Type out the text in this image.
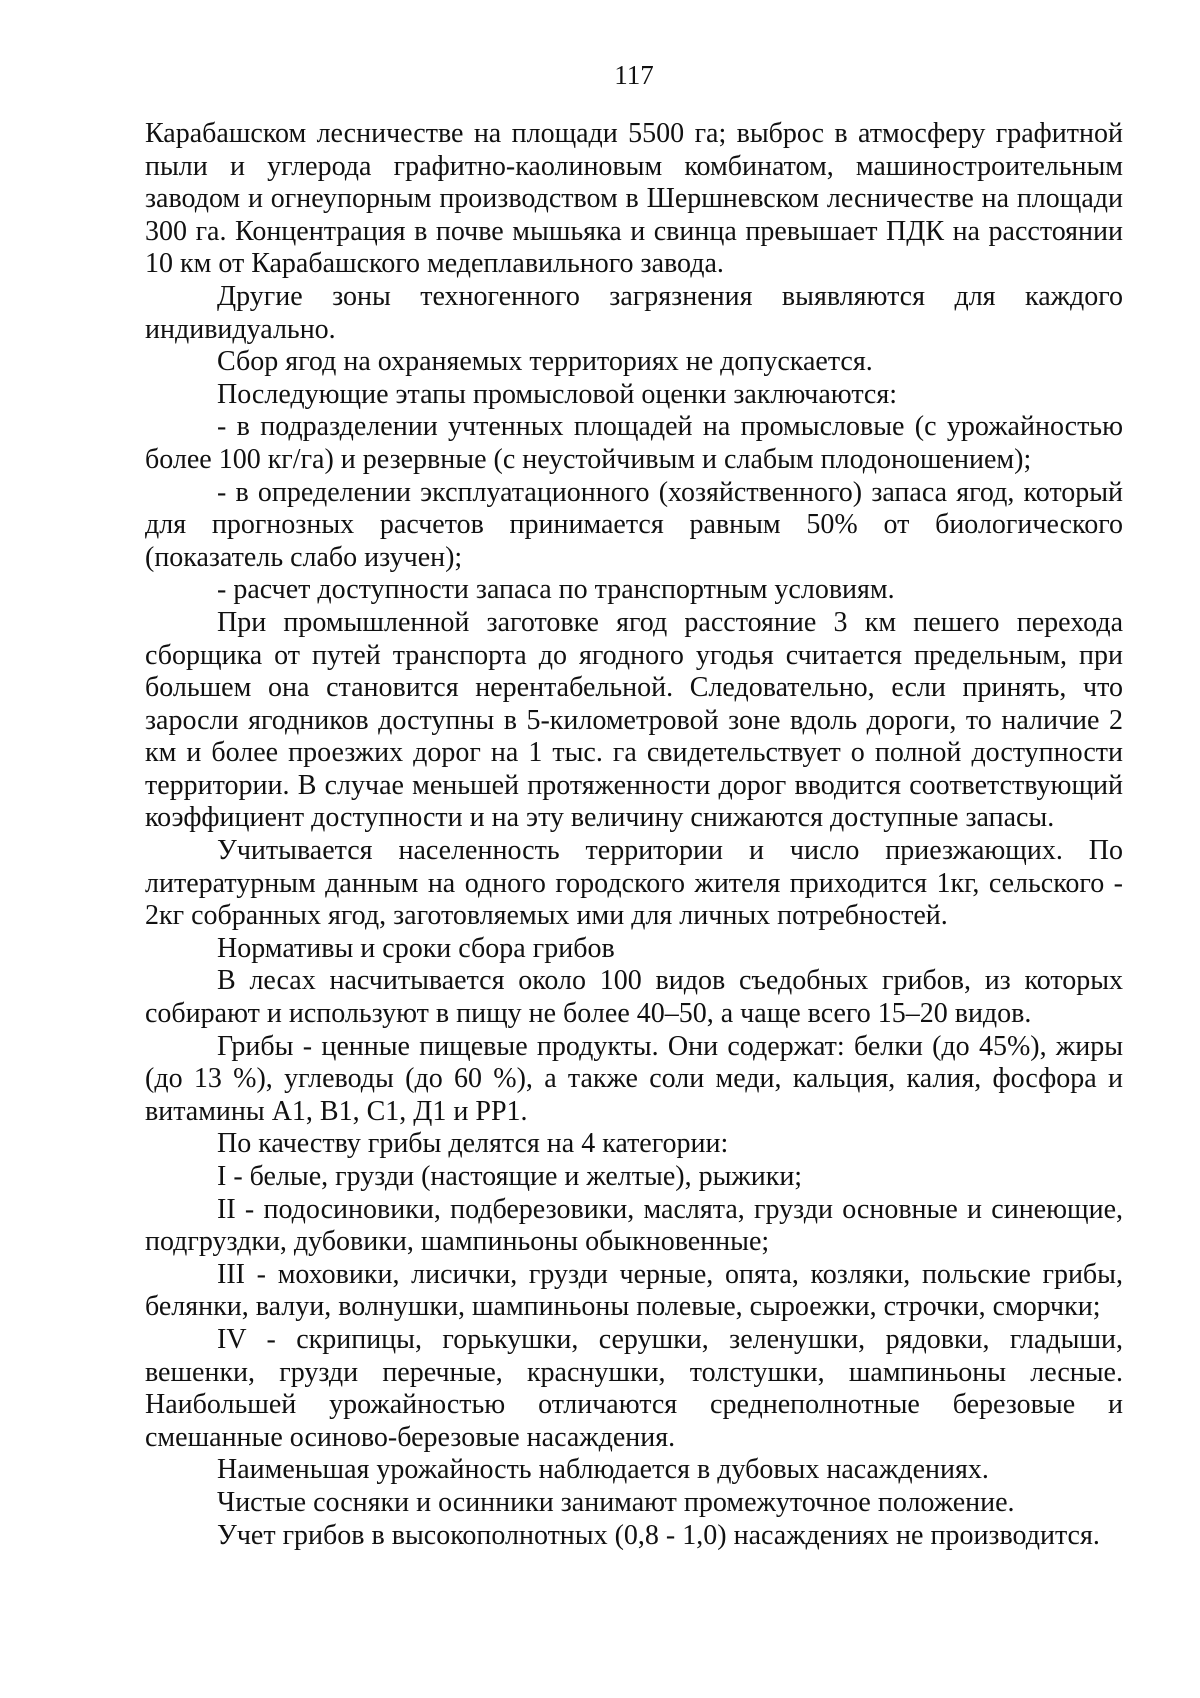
117

Карабашском лесничестве на площади 5500 га; выброс в атмосферу графитной пыли и углерода графитно-каолиновым комбинатом, машиностроительным заводом и огнеупорным производством в Шершневском лесничестве на площади 300 га. Концентрация в почве мышьяка и свинца превышает ПДК на расстоянии 10 км от Карабашского медеплавильного завода.

Другие зоны техногенного загрязнения выявляются для каждого индивидуально.

Сбор ягод на охраняемых территориях не допускается.

Последующие этапы промысловой оценки заключаются:

- в подразделении учтенных площадей на промысловые (с урожайностью более 100 кг/га) и резервные (с неустойчивым и слабым плодоношением);

- в определении эксплуатационного (хозяйственного) запаса ягод, который для прогнозных расчетов принимается равным 50% от биологического (показатель слабо изучен);

- расчет доступности запаса по транспортным условиям.

При промышленной заготовке ягод расстояние 3 км пешего перехода сборщика от путей транспорта до ягодного угодья считается предельным, при большем она становится нерентабельной. Следовательно, если принять, что заросли ягодников доступны в 5-километровой зоне вдоль дороги, то наличие 2 км и более проезжих дорог на 1 тыс. га свидетельствует о полной доступности территории. В случае меньшей протяженности дорог вводится соответствующий коэффициент доступности и на эту величину снижаются доступные запасы.

Учитывается населенность территории и число приезжающих. По литературным данным на одного городского жителя приходится 1кг, сельского - 2кг собранных ягод, заготовляемых ими для личных потребностей.

Нормативы и сроки сбора грибов

В лесах насчитывается около 100 видов съедобных грибов, из которых собирают и используют в пищу не более 40–50, а чаще всего 15–20 видов.

Грибы - ценные пищевые продукты. Они содержат: белки (до 45%), жиры (до 13 %), углеводы (до 60 %), а также соли меди, кальция, калия, фосфора и витамины А1, В1, С1, Д1 и РР1.

По качеству грибы делятся на 4 категории:

I - белые, грузди (настоящие и желтые), рыжики;

II - подосиновики, подберезовики, маслята, грузди основные и синеющие, подгруздки, дубовики, шампиньоны обыкновенные;

III - моховики, лисички, грузди черные, опята, козляки, польские грибы, белянки, валуи, волнушки, шампиньоны полевые, сыроежки, строчки, сморчки;

IV - скрипицы, горькушки, серушки, зеленушки, рядовки, гладыши, вешенки, грузди перечные, краснушки, толстушки, шампиньоны лесные. Наибольшей урожайностью отличаются среднеполнотные березовые и смешанные осиново-березовые насаждения.

Наименьшая урожайность наблюдается в дубовых насаждениях.

Чистые сосняки и осинники занимают промежуточное положение.

Учет грибов в высокополнотных (0,8 - 1,0) насаждениях не производится.
